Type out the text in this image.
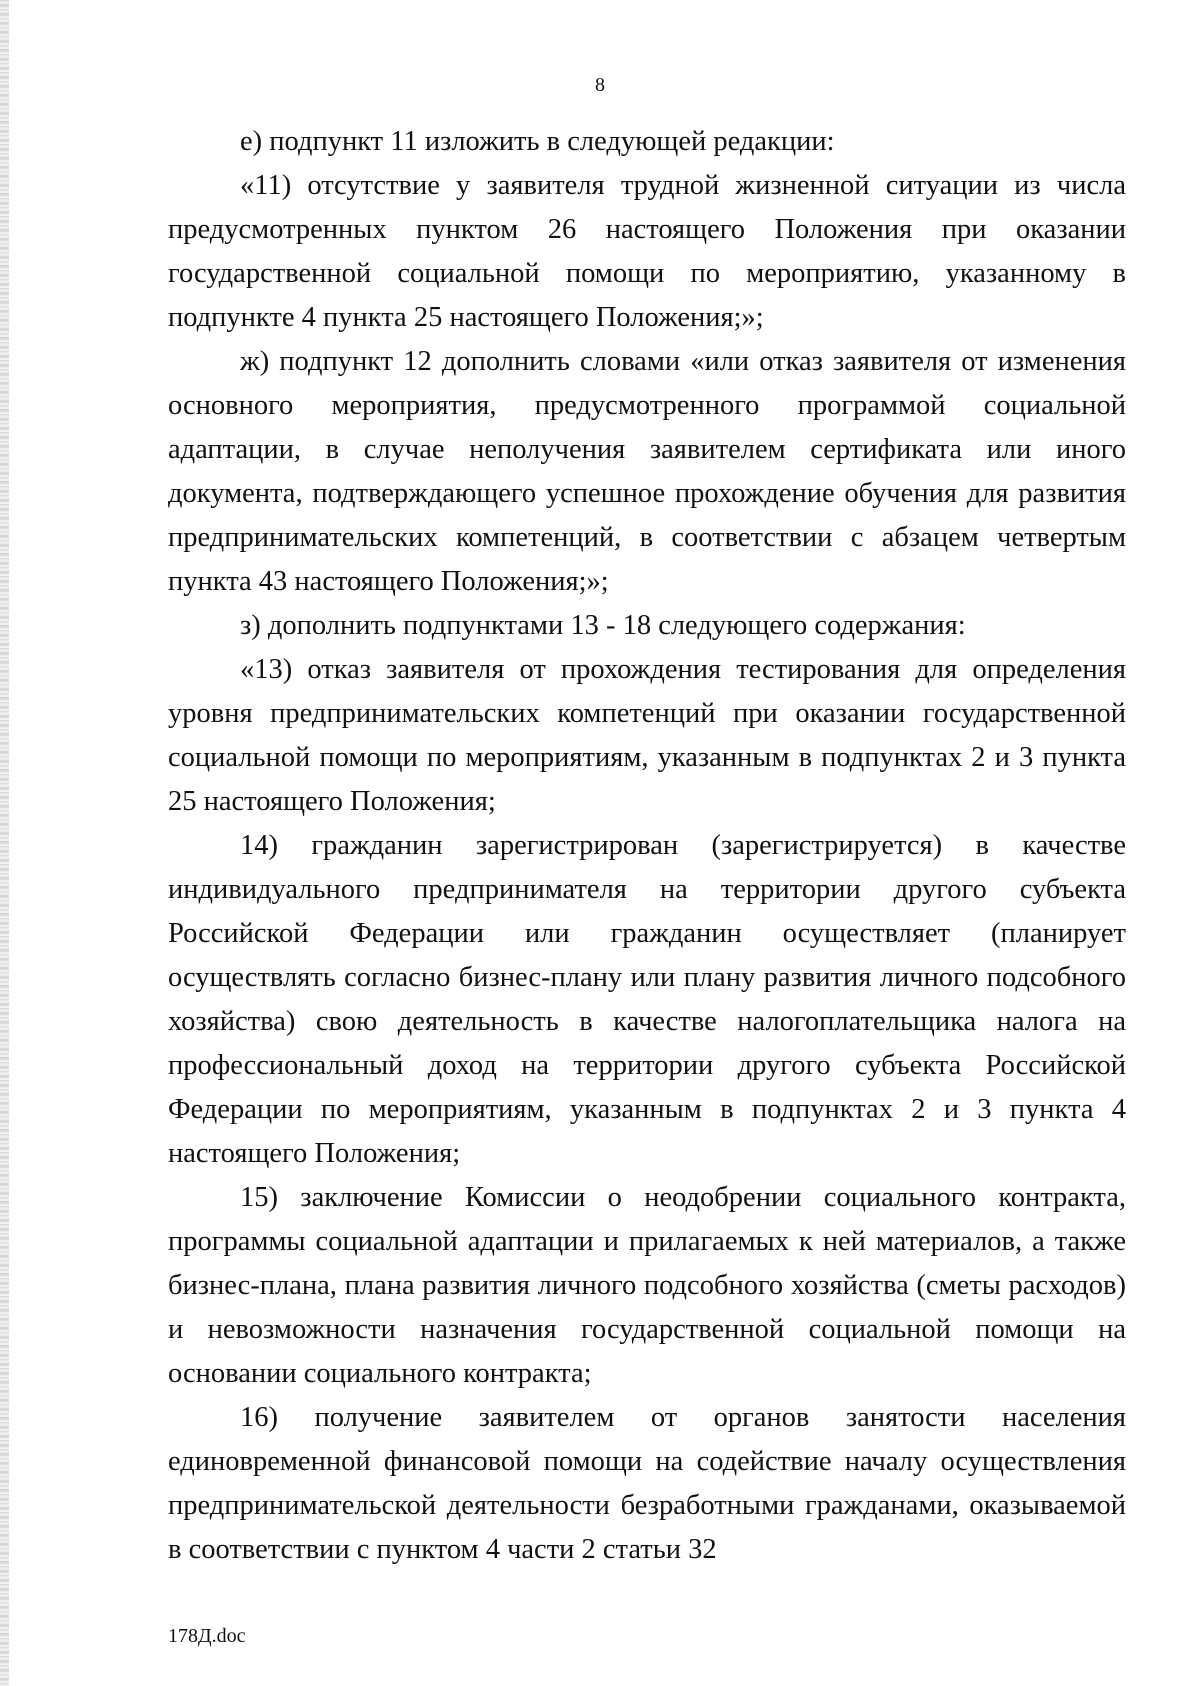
8

е) подпункт 11 изложить в следующей редакции:

«11) отсутствие у заявителя трудной жизненной ситуации из числа предусмотренных пунктом 26 настоящего Положения при оказании государственной социальной помощи по мероприятию, указанному в подпункте 4 пункта 25 настоящего Положения;»;

ж) подпункт 12 дополнить словами «или отказ заявителя от изменения основного мероприятия, предусмотренного программой социальной адаптации, в случае неполучения заявителем сертификата или иного документа, подтверждающего успешное прохождение обучения для развития предпринимательских компетенций, в соответствии с абзацем четвертым пункта 43 настоящего Положения;»;

з) дополнить подпунктами 13 - 18 следующего содержания:

«13) отказ заявителя от прохождения тестирования для определения уровня предпринимательских компетенций при оказании государственной социальной помощи по мероприятиям, указанным в подпунктах 2 и 3 пункта 25 настоящего Положения;

14) гражданин зарегистрирован (зарегистрируется) в качестве индивидуального предпринимателя на территории другого субъекта Российской Федерации или гражданин осуществляет (планирует осуществлять согласно бизнес-плану или плану развития личного подсобного хозяйства) свою деятельность в качестве налогоплательщика налога на профессиональный доход на территории другого субъекта Российской Федерации по мероприятиям, указанным в подпунктах 2 и 3 пункта 4 настоящего Положения;

15) заключение Комиссии о неодобрении социального контракта, программы социальной адаптации и прилагаемых к ней материалов, а также бизнес-плана, плана развития личного подсобного хозяйства (сметы расходов) и невозможности назначения государственной социальной помощи на основании социального контракта;

16) получение заявителем от органов занятости населения единовременной финансовой помощи на содействие началу осуществления предпринимательской деятельности безработными гражданами, оказываемой в соответствии с пунктом 4 части 2 статьи 32

178Д.doc
